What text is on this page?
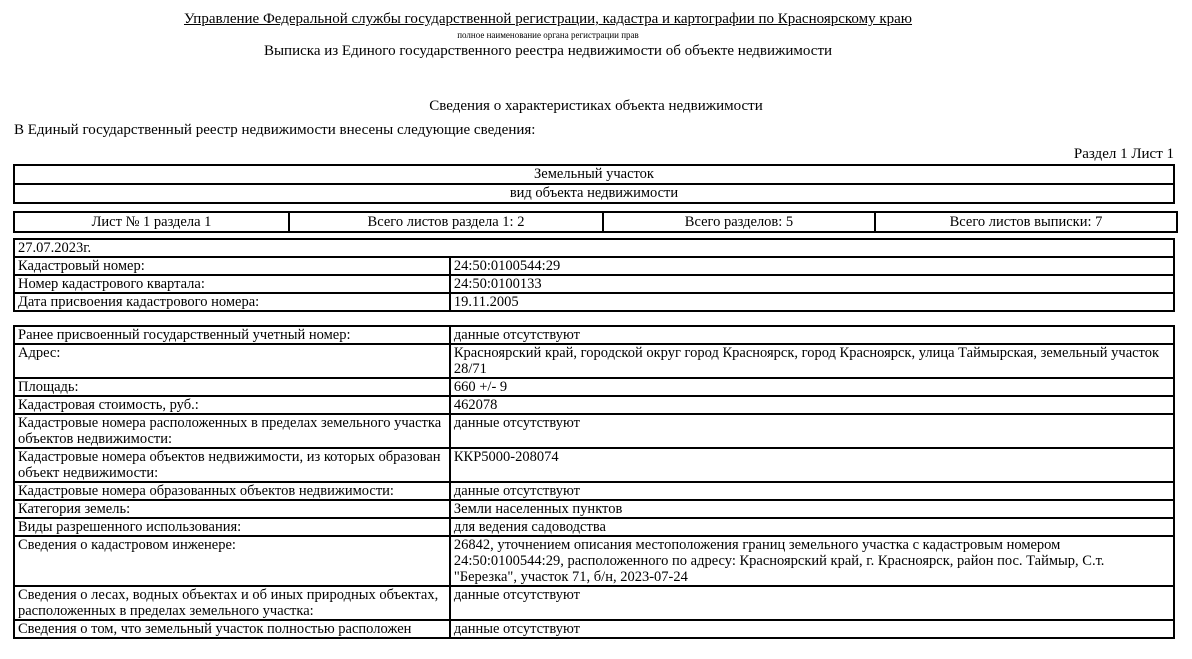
Управление Федеральной службы государственной регистрации, кадастра и картографии по Красноярскому краю
полное наименование органа регистрации прав
Выписка из Единого государственного реестра недвижимости об объекте недвижимости
Сведения о характеристиках объекта недвижимости
В Единый государственный реестр недвижимости внесены следующие сведения:
Раздел 1 Лист 1
Земельный участок
вид объекта недвижимости
Лист № 1 раздела 1	Всего листов раздела 1: 2	Всего разделов: 5	Всего листов выписки: 7
27.07.2023г.	
Кадастровый номер:	24:50:0100544:29
Номер кадастрового квартала:	24:50:0100133
Дата присвоения кадастрового номера:	19.11.2005
Ранее присвоенный государственный учетный номер:	данные отсутствуют
Адрес:	Красноярский край, городской округ город Красноярск, город Красноярск, улица Таймырская, земельный участок 28/71
Площадь:	660 +/- 9
Кадастровая стоимость, руб.:	462078
Кадастровые номера расположенных в пределах земельного участка объектов недвижимости:	данные отсутствуют
Кадастровые номера объектов недвижимости, из которых образован объект недвижимости:	ККР5000-208074
Кадастровые номера образованных объектов недвижимости:	данные отсутствуют
Категория земель:	Земли населенных пунктов
Виды разрешенного использования:	для ведения садоводства
Сведения о кадастровом инженере:	26842, уточнением описания местоположения границ земельного участка с кадастровым номером 24:50:0100544:29, расположенного по адресу: Красноярский край, г. Красноярск, район пос. Таймыр, С.т. "Березка", участок 71, б/н, 2023-07-24
Сведения о лесах, водных объектах и об иных природных объектах, расположенных в пределах земельного участка:	данные отсутствуют
Сведения о том, что земельный участок полностью расположен	данные отсутствуют
